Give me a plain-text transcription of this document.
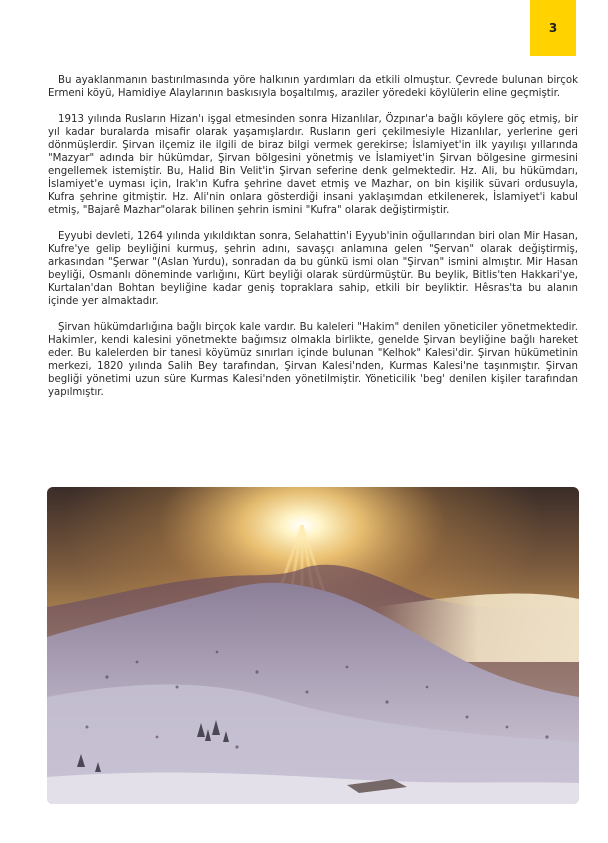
3

Bu ayaklanmanın bastırılmasında yöre halkının yardımları da etkili olmuştur. Çevrede bulunan birçok Ermeni köyü, Hamidiye Alaylarının baskısıyla boşaltılmış, araziler yöredeki köylülerin eline geçmiştir.

1913 yılında Rusların Hizan'ı işgal etmesinden sonra Hizanlılar, Özpınar'a bağlı köylere göç etmiş, bir yıl kadar buralarda misafir olarak yaşamışlardır. Rusların geri çekilmesiyle Hizanlılar, yerlerine geri dönmüşlerdir. Şirvan ilçemiz ile ilgili de biraz bilgi vermek gerekirse; İslamiyet'in ilk yayılışı yıllarında "Mazyar" adında bir hükümdar, Şirvan bölgesini yönetmiş ve İslamiyet'in Şirvan bölgesine girmesini engellemek istemiştir. Bu, Halid Bin Velit'in Şirvan seferine denk gelmektedir. Hz. Ali, bu hükümdarı, İslamiyet'e uyması için, Irak'ın Kufra şehrine davet etmiş ve Mazhar, on bin kişilik süvari ordusuyla, Kufra şehrine gitmiştir. Hz. Ali'nin onlara gösterdiği insani yaklaşımdan etkilenerek, İslamiyet'i kabul etmiş, "Bajarê Mazhar"olarak bilinen şehrin ismini "Kufra" olarak değiştirmiştir.

Eyyubi devleti, 1264 yılında yıkıldıktan sonra, Selahattin'i Eyyub'inin oğullarından biri olan Mir Hasan, Kufre'ye gelip beyliğini kurmuş, şehrin adını, savaşçı anlamına gelen "Şervan" olarak değiştirmiş, arkasından "Şerwar "(Aslan Yurdu), sonradan da bu günkü ismi olan "Şirvan" ismini almıştır. Mir Hasan beyliği, Osmanlı döneminde varlığını, Kürt beyliği olarak sürdürmüştür. Bu beylik, Bitlis'ten Hakkari'ye, Kurtalan'dan Bohtan beyliğine kadar geniş topraklara sahip, etkili bir beyliktir. Hêsras'ta bu alanın içinde yer almaktadır.

Şirvan hükümdarlığına bağlı birçok kale vardır. Bu kaleleri "Hakim" denilen yöneticiler yönetmektedir. Hakimler, kendi kalesini yönetmekte bağımsız olmakla birlikte, genelde Şirvan beyliğine bağlı hareket eder. Bu kalelerden bir tanesi köyümüz sınırları içinde bulunan "Kelhok" Kalesi'dir. Şirvan hükümetinin merkezi, 1820 yılında Salih Bey tarafından, Şirvan Kalesi'nden, Kurmas Kalesi'ne taşınmıştır. Şirvan begliği yönetimi uzun süre Kurmas Kalesi'nden yönetilmiştir. Yöneticilik 'beg' denilen kişiler tarafından yapılmıştır.
